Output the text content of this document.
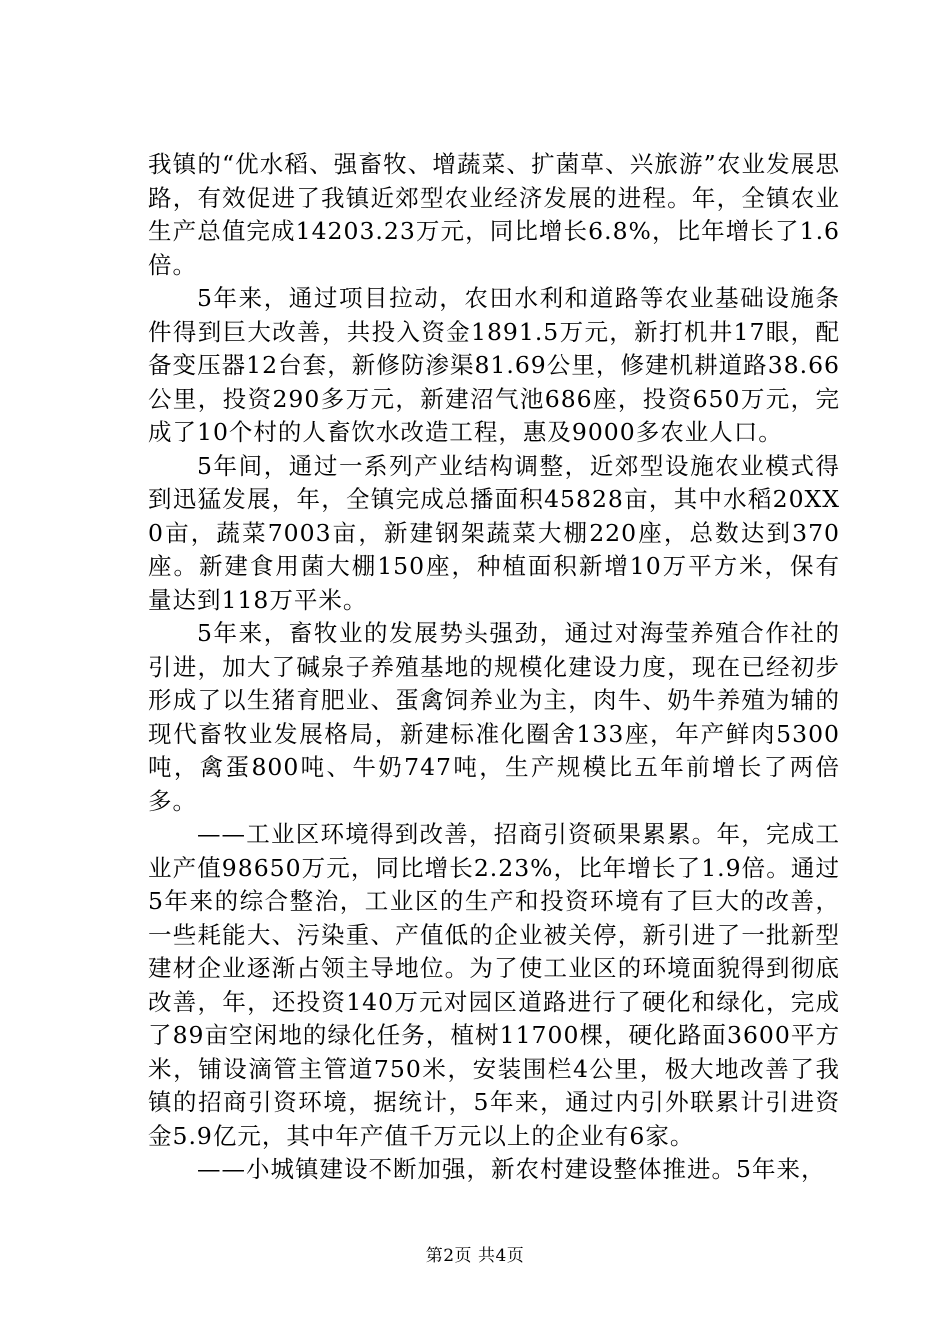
我镇的“优水稻、强畜牧、增蔬菜、扩菌草、兴旅游”农业发展思路，有效促进了我镇近郊型农业经济发展的进程。年，全镇农业生产总值完成14203.23万元，同比增长6.8%，比年增长了1.6倍。

5年来，通过项目拉动，农田水利和道路等农业基础设施条件得到巨大改善，共投入资金1891.5万元，新打机井17眼，配备变压器12台套，新修防渗渠81.69公里，修建机耕道路38.66公里，投资290多万元，新建沼气池686座，投资650万元，完成了10个村的人畜饮水改造工程，惠及9000多农业人口。

5年间，通过一系列产业结构调整，近郊型设施农业模式得到迅猛发展，年，全镇完成总播面积45828亩，其中水稻20XX0亩，蔬菜7003亩，新建钢架蔬菜大棚220座，总数达到370座。新建食用菌大棚150座，种植面积新增10万平方米，保有量达到118万平米。

5年来，畜牧业的发展势头强劲，通过对海莹养殖合作社的引进，加大了碱泉子养殖基地的规模化建设力度，现在已经初步形成了以生猪育肥业、蛋禽饲养业为主，肉牛、奶牛养殖为辅的现代畜牧业发展格局，新建标准化圈舍133座，年产鲜肉5300吨，禽蛋800吨、牛奶747吨，生产规模比五年前增长了两倍多。

——工业区环境得到改善，招商引资硕果累累。年，完成工业产值98650万元，同比增长2.23%，比年增长了1.9倍。通过5年来的综合整治，工业区的生产和投资环境有了巨大的改善，一些耗能大、污染重、产值低的企业被关停，新引进了一批新型建材企业逐渐占领主导地位。为了使工业区的环境面貌得到彻底改善，年，还投资140万元对园区道路进行了硬化和绿化，完成了89亩空闲地的绿化任务，植树11700棵，硬化路面3600平方米，铺设滴管主管道750米，安装围栏4公里，极大地改善了我镇的招商引资环境，据统计，5年来，通过内引外联累计引进资金5.9亿元，其中年产值千万元以上的企业有6家。

——小城镇建设不断加强，新农村建设整体推进。5年来，

第2页 共4页
